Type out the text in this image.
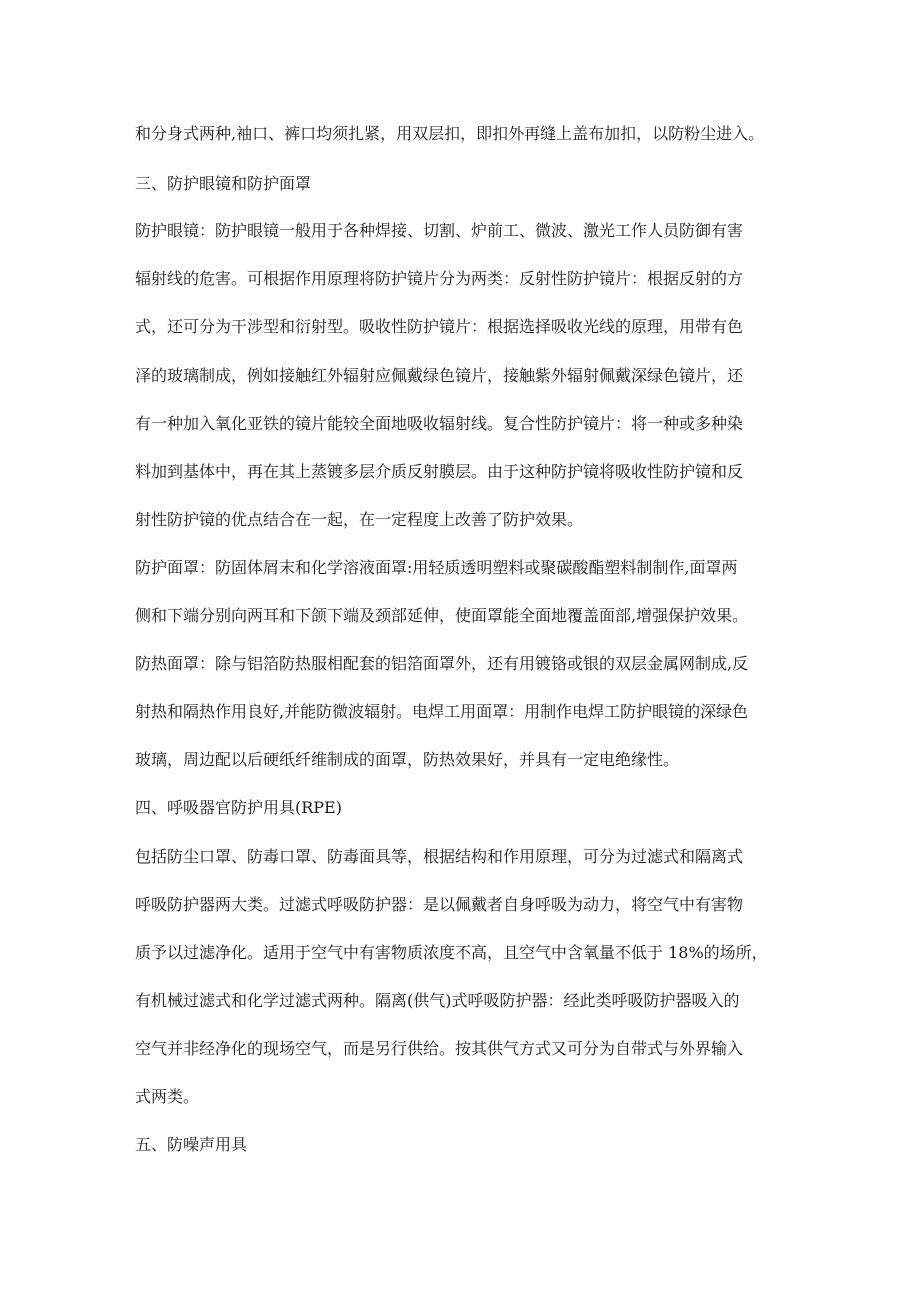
和分身式两种,袖口、裤口均须扎紧，用双层扣，即扣外再缝上盖布加扣，以防粉尘进入。

三、防护眼镜和防护面罩

防护眼镜：防护眼镜一般用于各种焊接、切割、炉前工、微波、激光工作人员防御有害

辐射线的危害。可根据作用原理将防护镜片分为两类：反射性防护镜片：根据反射的方

式，还可分为干涉型和衍射型。吸收性防护镜片：根据选择吸收光线的原理，用带有色

泽的玻璃制成，例如接触红外辐射应佩戴绿色镜片，接触紫外辐射佩戴深绿色镜片，还

有一种加入氧化亚铁的镜片能较全面地吸收辐射线。复合性防护镜片：将一种或多种染

料加到基体中，再在其上蒸镀多层介质反射膜层。由于这种防护镜将吸收性防护镜和反

射性防护镜的优点结合在一起，在一定程度上改善了防护效果。

防护面罩：防固体屑末和化学溶液面罩:用轻质透明塑料或聚碳酸酯塑料制制作,面罩两

侧和下端分别向两耳和下颌下端及颈部延伸，使面罩能全面地覆盖面部,增强保护效果。

防热面罩：除与铝箔防热服相配套的铝箔面罩外，还有用镀铬或银的双层金属网制成,反

射热和隔热作用良好,并能防微波辐射。电焊工用面罩：用制作电焊工防护眼镜的深绿色

玻璃，周边配以后硬纸纤维制成的面罩，防热效果好，并具有一定电绝缘性。

四、呼吸器官防护用具(RPE)

包括防尘口罩、防毒口罩、防毒面具等，根据结构和作用原理，可分为过滤式和隔离式

呼吸防护器两大类。过滤式呼吸防护器：是以佩戴者自身呼吸为动力，将空气中有害物

质予以过滤净化。适用于空气中有害物质浓度不高，且空气中含氧量不低于 18%的场所，

有机械过滤式和化学过滤式两种。隔离(供气)式呼吸防护器：经此类呼吸防护器吸入的

空气并非经净化的现场空气，而是另行供给。按其供气方式又可分为自带式与外界输入

式两类。

五、防噪声用具
